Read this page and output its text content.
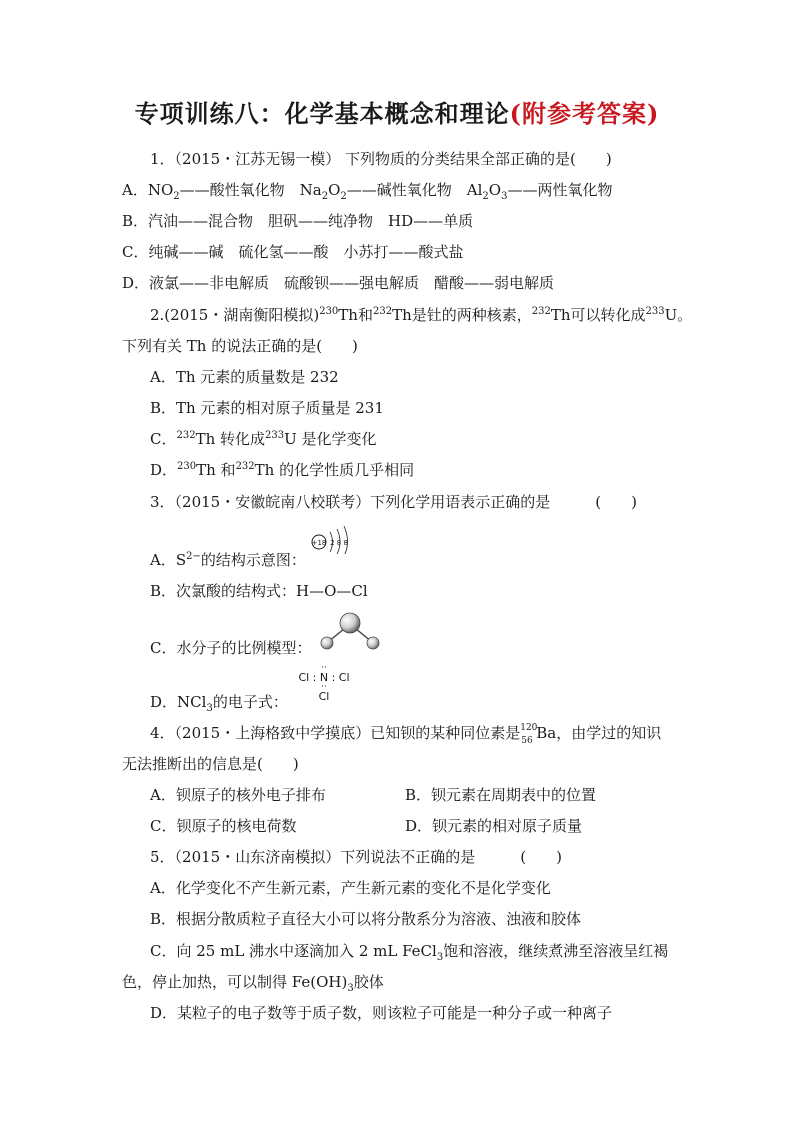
专项训练八：化学基本概念和理论(附参考答案)
1．（2015・江苏无锡一模） 下列物质的分类结果全部正确的是(　　)
A．$NO_2——$酸性氧化物　$Na_2O_2——$碱性氧化物　$Al_2O_3——$两性氧化物
B．汽油——混合物　胆矾——纯净物　HD——单质
C．纯碱——碱　硫化氢——酸　小苏打——酸式盐
D．液氯——非电解质　硫酸钡——强电解质　醋酸——弱电解质
2.(2015・湖南衡阳模拟)$^{230}$Th和$^{232}$Th是钍的两种核素，$^{232}$Th可以转化成$^{233}$U。
下列有关 Th 的说法正确的是(　　)
A．Th 元素的质量数是 232
B．Th 元素的相对原子质量是 231
C．$^{232}$Th 转化成$^{233}$U 是化学变化
D．$^{230}$Th 和$^{232}$Th 的化学性质几乎相同
3．（2015・安徽皖南八校联考）下列化学用语表示正确的是　　　(　　)
A．$S^{2-}$的结构示意图：
+18 2 8 8
B．次氯酸的结构式：H—O—Cl
C．水分子的比例模型：
D．NCl$_3$的电子式：
··
Cl : N : Cl
··
Cl
4．（2015・上海格致中学摸底）已知钡的某种同位素是 120
56 Ba，由学过的知识
无法推断出的信息是(　　)
A．钡原子的核外电子排布	B．钡元素在周期表中的位置
C．钡原子的核电荷数	D．钡元素的相对原子质量
5．（2015・山东济南模拟）下列说法不正确的是　　　(　　)
A．化学变化不产生新元素，产生新元素的变化不是化学变化
B．根据分散质粒子直径大小可以将分散系分为溶液、浊液和胶体
C．向 25 mL 沸水中逐滴加入 2 mL FeCl$_3$饱和溶液，继续煮沸至溶液呈红褐
色，停止加热，可以制得 $Fe(OH)_3$胶体
D．某粒子的电子数等于质子数，则该粒子可能是一种分子或一种离子
